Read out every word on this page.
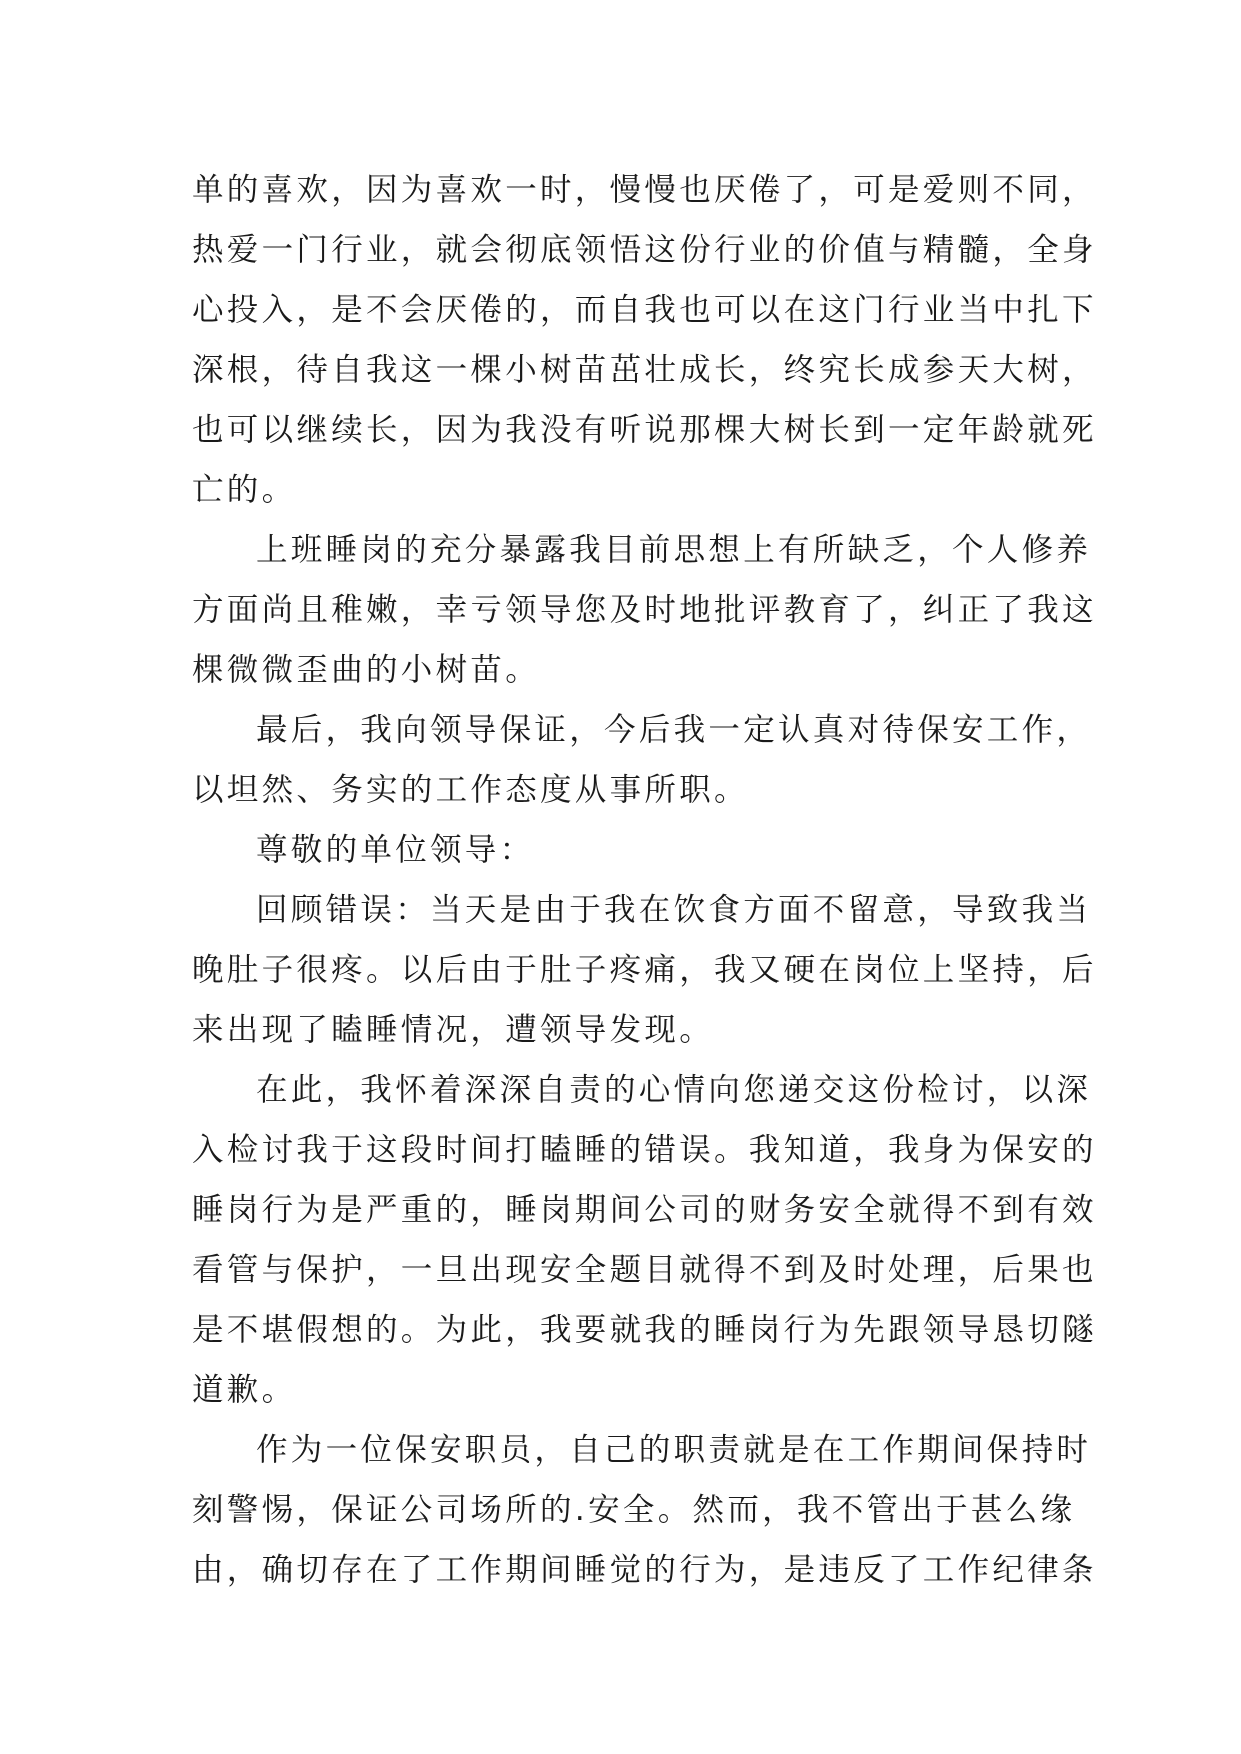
单的喜欢，因为喜欢一时，慢慢也厌倦了，可是爱则不同，
热爱一门行业，就会彻底领悟这份行业的价值与精髓，全身
心投入，是不会厌倦的，而自我也可以在这门行业当中扎下
深根，待自我这一棵小树苗茁壮成长，终究长成参天大树，
也可以继续长，因为我没有听说那棵大树长到一定年龄就死
亡的。
上班睡岗的充分暴露我目前思想上有所缺乏，个人修养
方面尚且稚嫩，幸亏领导您及时地批评教育了，纠正了我这
棵微微歪曲的小树苗。
最后，我向领导保证，今后我一定认真对待保安工作，
以坦然、务实的工作态度从事所职。
尊敬的单位领导：
回顾错误：当天是由于我在饮食方面不留意，导致我当
晚肚子很疼。以后由于肚子疼痛，我又硬在岗位上坚持，后
来出现了瞌睡情况，遭领导发现。
在此，我怀着深深自责的心情向您递交这份检讨，以深
入检讨我于这段时间打瞌睡的错误。我知道，我身为保安的
睡岗行为是严重的，睡岗期间公司的财务安全就得不到有效
看管与保护，一旦出现安全题目就得不到及时处理，后果也
是不堪假想的。为此，我要就我的睡岗行为先跟领导恳切隧
道歉。
作为一位保安职员，自己的职责就是在工作期间保持时
刻警惕，保证公司场所的.安全。然而，我不管出于甚么缘
由，确切存在了工作期间睡觉的行为，是违反了工作纪律条
